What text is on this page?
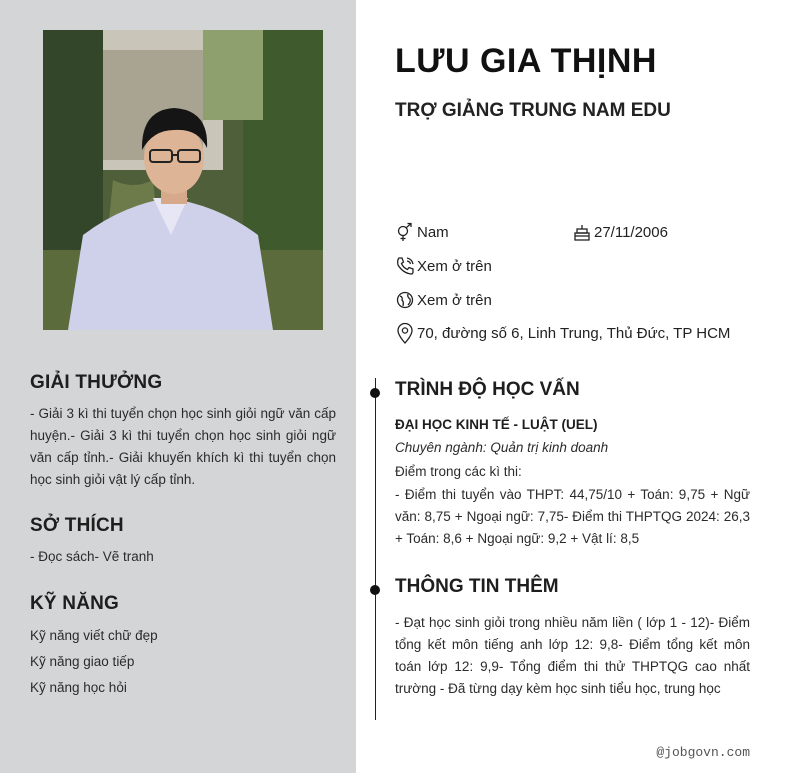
GIẢI THƯỞNG
- Giải 3 kì thi tuyển chọn học sinh giỏi ngữ văn cấp huyện.- Giải 3 kì thi tuyển chọn học sinh giỏi ngữ văn cấp tỉnh.- Giải khuyến khích kì thi tuyển chọn học sinh giỏi vật lý cấp tỉnh.
SỞ THÍCH
- Đọc sách- Vẽ tranh
KỸ NĂNG
Kỹ năng viết chữ đẹp
Kỹ năng giao tiếp
Kỹ năng học hỏi
LƯU GIA THỊNH
TRỢ GIẢNG TRUNG NAM EDU
Nam	27/11/2006
Xem ở trên
Xem ở trên
70, đường số 6, Linh Trung, Thủ Đức, TP HCM
TRÌNH ĐỘ HỌC VẤN
ĐẠI HỌC KINH TẾ - LUẬT (UEL)
Chuyên ngành: Quản trị kinh doanh
Điểm trong các kì thi:
- Điểm thi tuyển vào THPT: 44,75/10 + Toán: 9,75 + Ngữ văn: 8,75 + Ngoại ngữ: 7,75- Điểm thi THPTQG 2024: 26,3 + Toán: 8,6 + Ngoại ngữ: 9,2 + Vật lí: 8,5
THÔNG TIN THÊM
- Đạt học sinh giỏi trong nhiều năm liền ( lớp 1 - 12)- Điểm tổng kết môn tiếng anh lớp 12: 9,8- Điểm tổng kết môn toán lớp 12: 9,9- Tổng điểm thi thử THPTQG cao nhất trường - Đã từng dạy kèm học sinh tiểu học, trung học
@jobgovn.com
